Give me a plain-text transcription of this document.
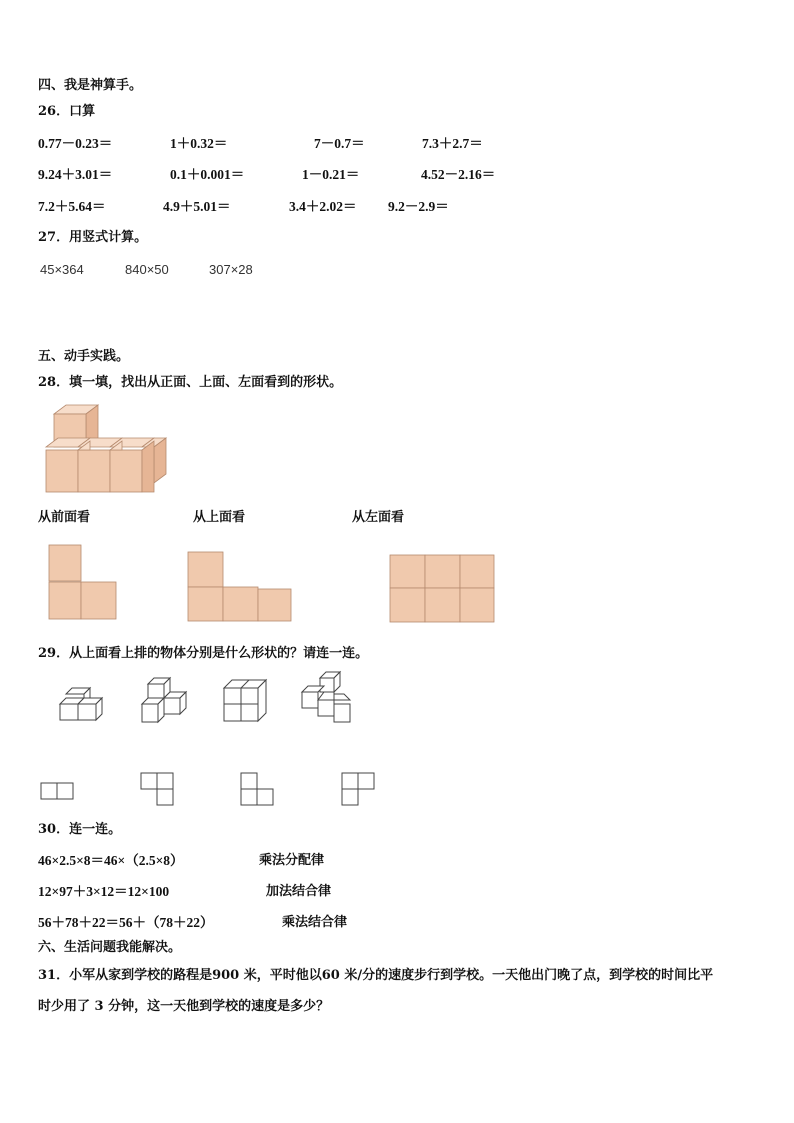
四、我是神算手。
26．口算
0.77－0.23＝	1＋0.32＝	7－0.7＝	7.3＋2.7＝
9.24＋3.01＝	0.1＋0.001＝	1－0.21＝	4.52－2.16＝
7.2＋5.64＝	4.9＋5.01＝	3.4＋2.02＝ 9.2－2.9＝
27．用竖式计算。
45×364	840×50	307×28
五、动手实践。
28．填一填，找出从正面、上面、左面看到的形状。
从前面看	从上面看	从左面看
29．从上面看上排的物体分别是什么形状的？请连一连。
30．连一连。
46×2.5×8＝46×（2.5×8）
12×97＋3×12＝12×100
56＋78＋22＝56＋（78＋22）
乘法分配律
加法结合律
乘法结合律
六、生活问题我能解决。
31．小军从家到学校的路程是900 米，平时他以60 米/分的速度步行到学校。一天他出门晚了点，到学校的时间比平
时少用了 3 分钟，这一天他到学校的速度是多少？
